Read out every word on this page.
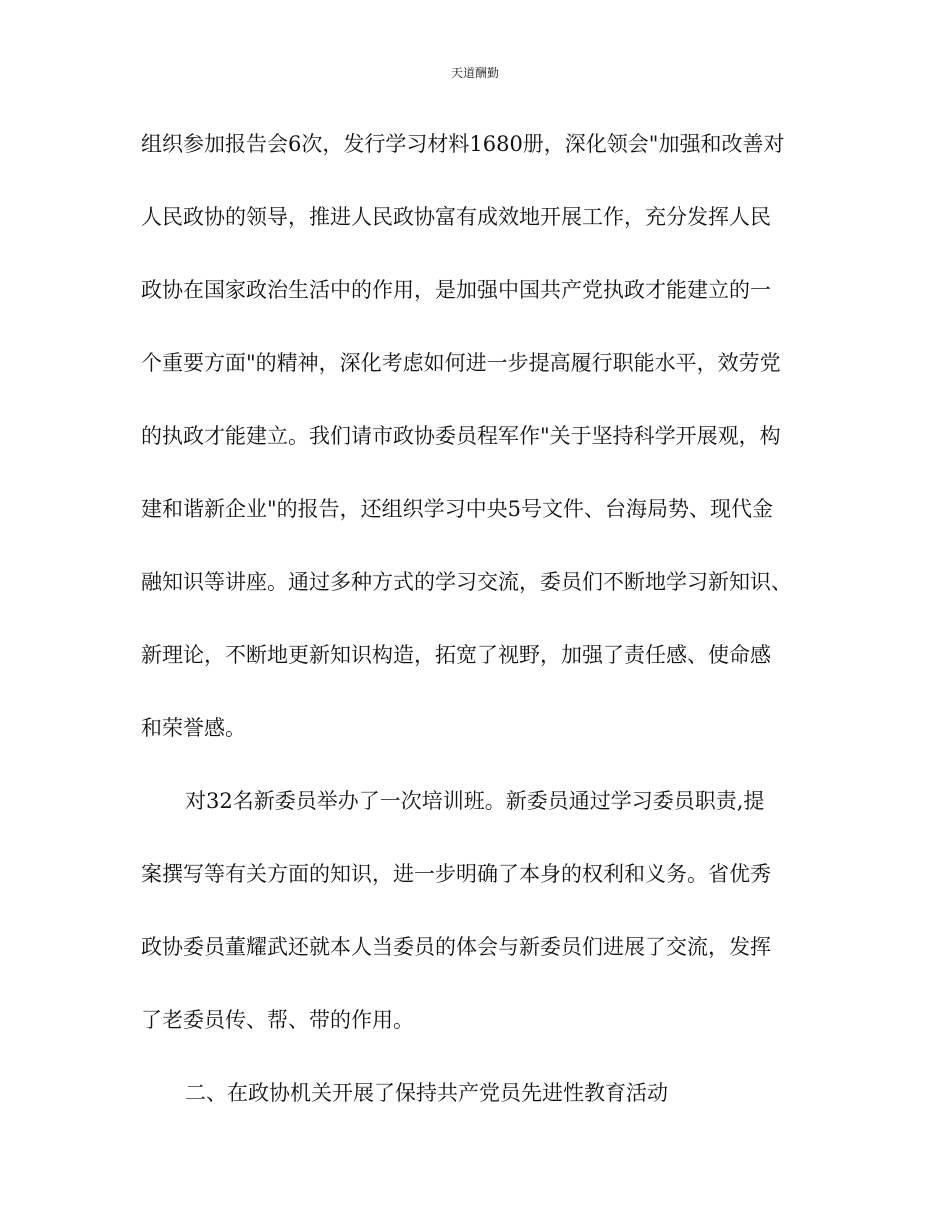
天道酬勤
组织参加报告会6次，发行学习材料1680册，深化领会"加强和改善对
人民政协的领导，推进人民政协富有成效地开展工作，充分发挥人民
政协在国家政治生活中的作用，是加强中国共产党执政才能建立的一
个重要方面"的精神，深化考虑如何进一步提高履行职能水平，效劳党
的执政才能建立。我们请市政协委员程军作"关于坚持科学开展观，构
建和谐新企业"的报告，还组织学习中央5号文件、台海局势、现代金
融知识等讲座。通过多种方式的学习交流，委员们不断地学习新知识、
新理论，不断地更新知识构造，拓宽了视野，加强了责任感、使命感
和荣誉感。
对32名新委员举办了一次培训班。新委员通过学习委员职责,提
案撰写等有关方面的知识，进一步明确了本身的权利和义务。省优秀
政协委员董耀武还就本人当委员的体会与新委员们进展了交流，发挥
了老委员传、帮、带的作用。
二、在政协机关开展了保持共产党员先进性教育活动
